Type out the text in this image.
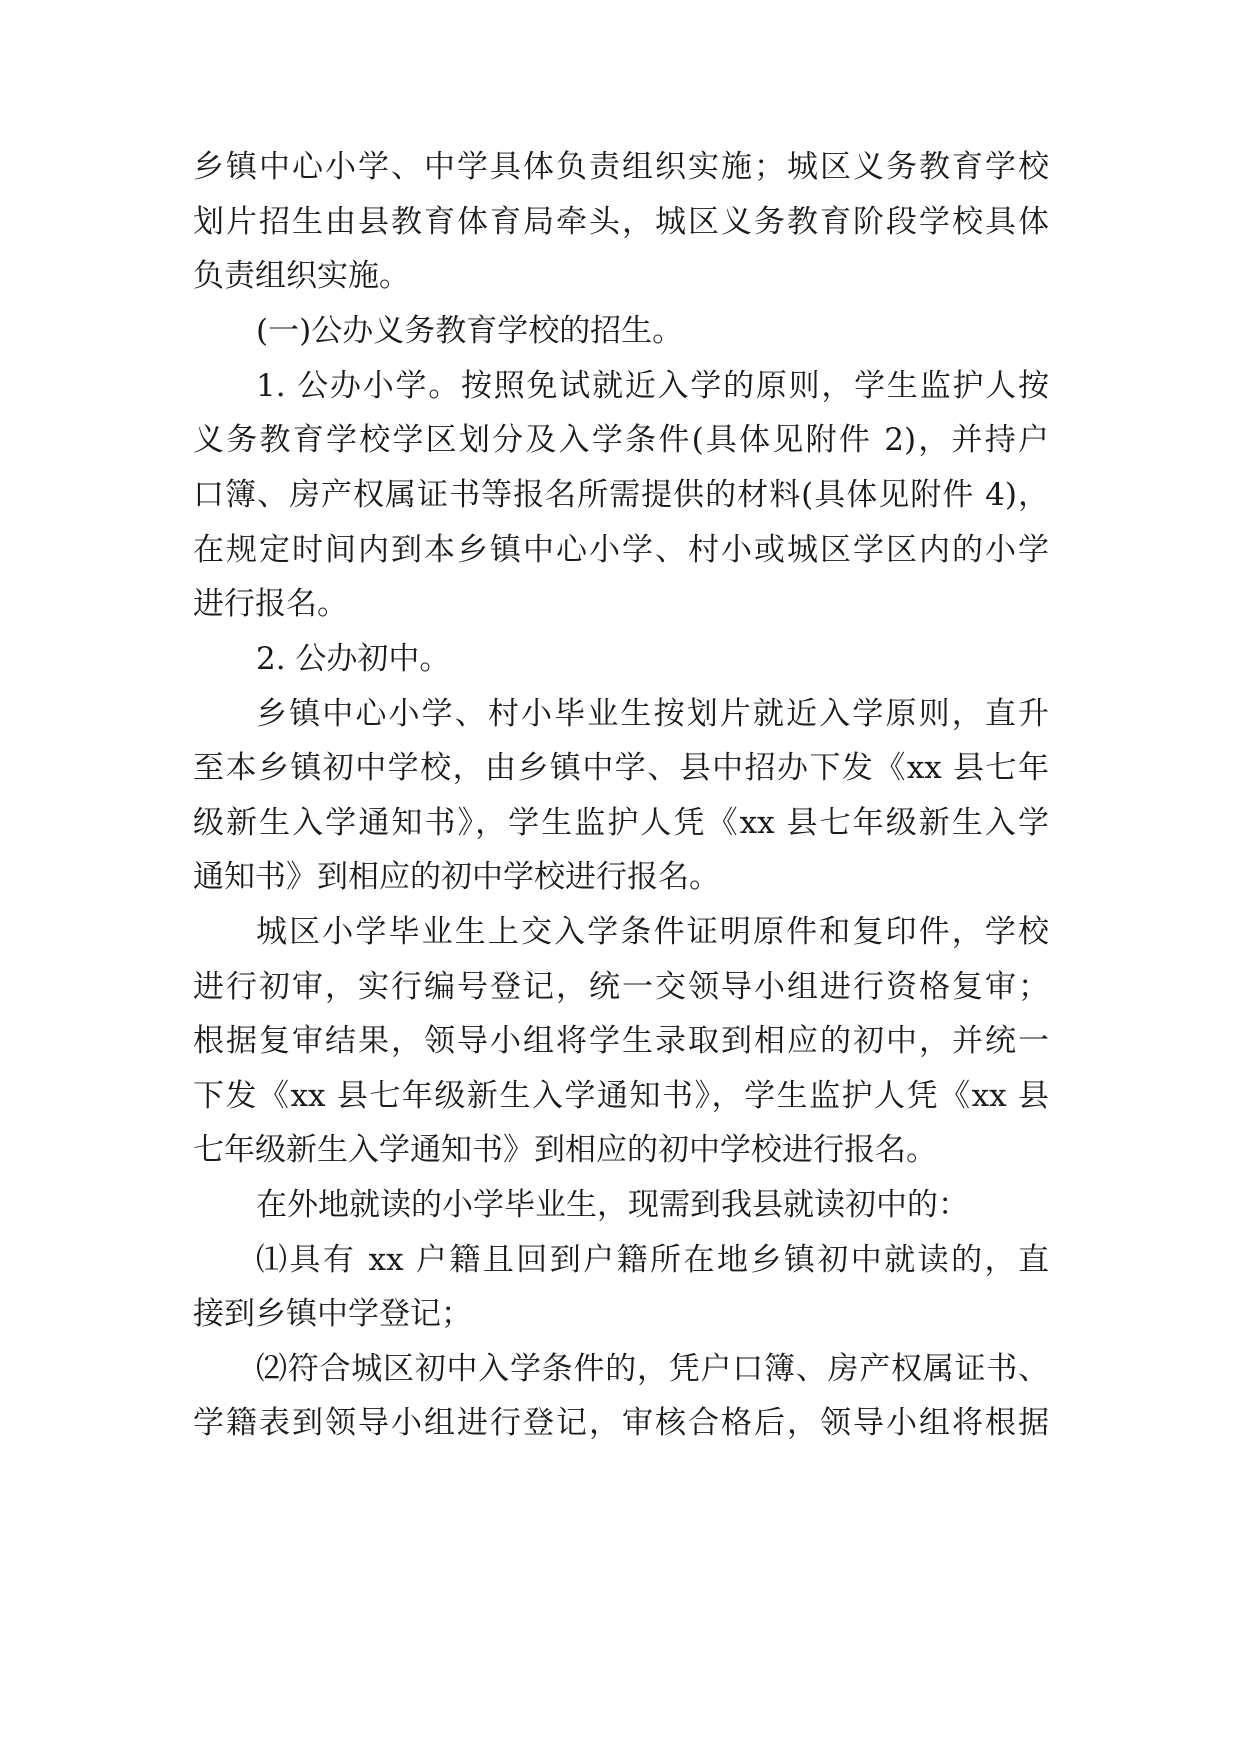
乡镇中心小学、中学具体负责组织实施；城区义务教育学校
划片招生由县教育体育局牵头，城区义务教育阶段学校具体
负责组织实施。
(一)公办义务教育学校的招生。
1. 公办小学。按照免试就近入学的原则，学生监护人按
义务教育学校学区划分及入学条件(具体见附件 2)，并持户
口簿、房产权属证书等报名所需提供的材料(具体见附件 4)，
在规定时间内到本乡镇中心小学、村小或城区学区内的小学
进行报名。
2. 公办初中。
乡镇中心小学、村小毕业生按划片就近入学原则，直升
至本乡镇初中学校，由乡镇中学、县中招办下发《xx 县七年
级新生入学通知书》，学生监护人凭《xx 县七年级新生入学
通知书》到相应的初中学校进行报名。
城区小学毕业生上交入学条件证明原件和复印件，学校
进行初审，实行编号登记，统一交领导小组进行资格复审；
根据复审结果，领导小组将学生录取到相应的初中，并统一
下发《xx 县七年级新生入学通知书》，学生监护人凭《xx 县
七年级新生入学通知书》到相应的初中学校进行报名。
在外地就读的小学毕业生，现需到我县就读初中的：
⑴具有 xx 户籍且回到户籍所在地乡镇初中就读的，直
接到乡镇中学登记；
⑵符合城区初中入学条件的，凭户口簿、房产权属证书、
学籍表到领导小组进行登记，审核合格后，领导小组将根据
